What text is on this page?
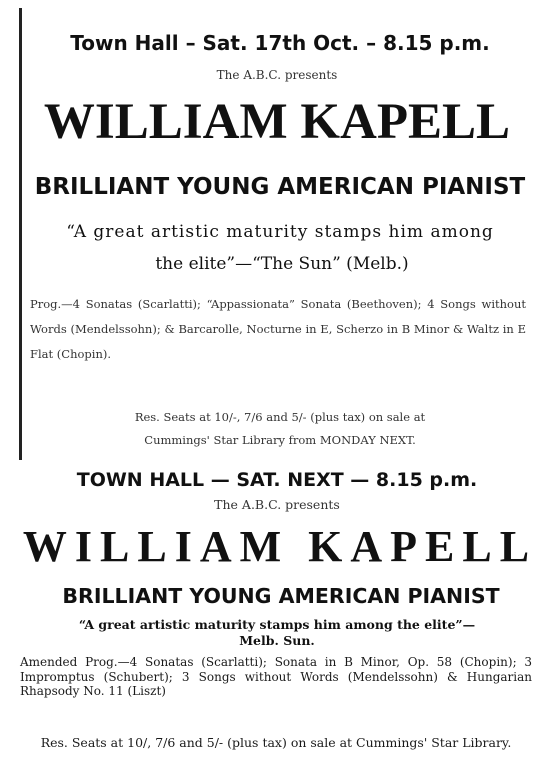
Town Hall – Sat. 17th Oct. – 8.15 p.m.
The A.B.C. presents
WILLIAM KAPELL
BRILLIANT YOUNG AMERICAN PIANIST
“A great artistic maturity stamps him among
the elite”—“The Sun” (Melb.)
Prog.—4 Sonatas (Scarlatti); “Appassionata” Sonata (Beethoven); 4 Songs without Words (Mendelssohn); & Barcarolle, Nocturne in E, Scherzo in B Minor & Waltz in E Flat (Chopin).
Res. Seats at 10/-, 7/6 and 5/- (plus tax) on sale at
Cummings' Star Library from MONDAY NEXT.
TOWN HALL — SAT. NEXT — 8.15 p.m.
The A.B.C. presents
WILLIAM KAPELL
BRILLIANT YOUNG AMERICAN PIANIST
“A great artistic maturity stamps him among the elite”—
Melb. Sun.
Amended Prog.—4 Sonatas (Scarlatti); Sonata in B Minor, Op. 58 (Chopin); 3 Impromptus (Schubert); 3 Songs without Words (Mendelssohn) & Hungarian Rhapsody No. 11 (Liszt)
Res. Seats at 10/, 7/6 and 5/- (plus tax) on sale at Cummings' Star Library.
